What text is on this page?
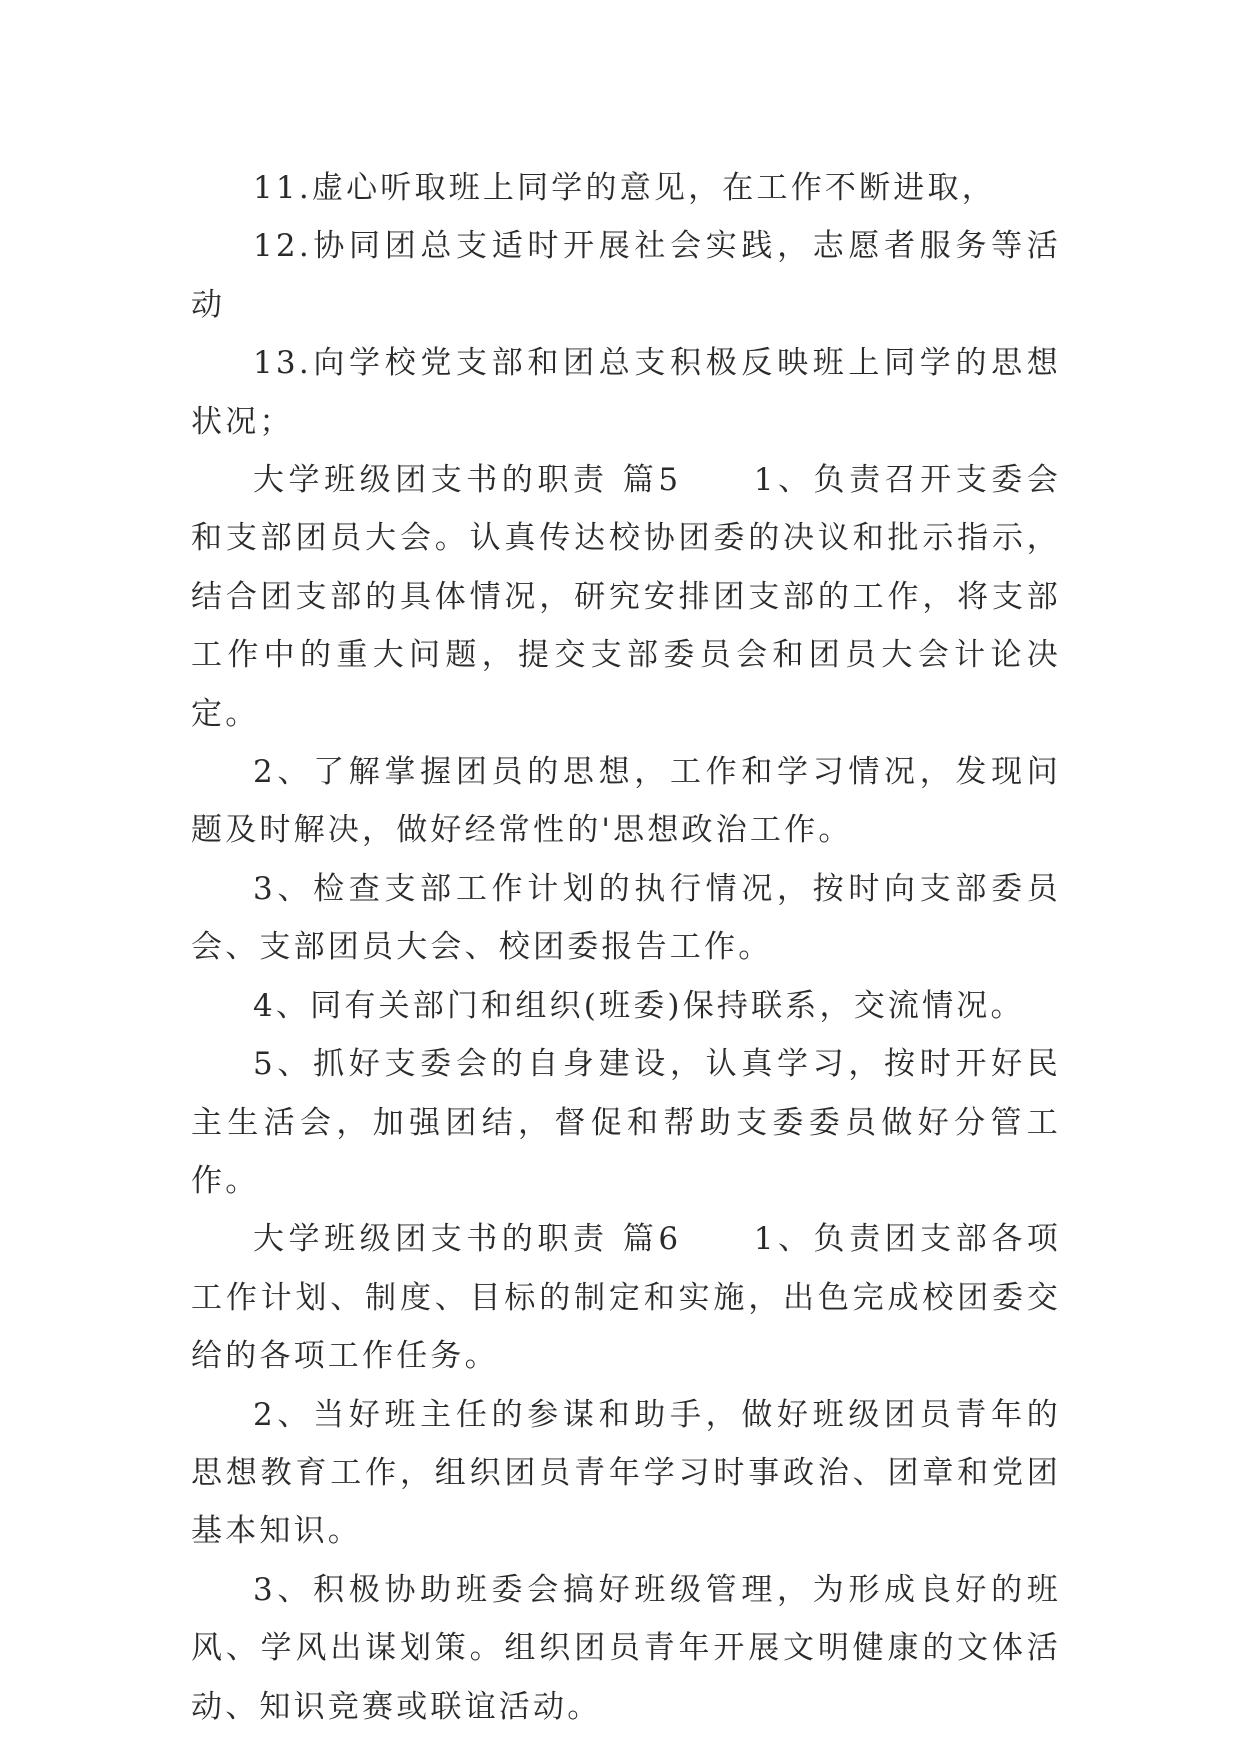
11.虚心听取班上同学的意见，在工作不断进取，

12.协同团总支适时开展社会实践，志愿者服务等活动

13.向学校党支部和团总支积极反映班上同学的思想状况；

大学班级团支书的职责 篇5　　1、负责召开支委会和支部团员大会。认真传达校协团委的决议和批示指示，结合团支部的具体情况，研究安排团支部的工作，将支部工作中的重大问题，提交支部委员会和团员大会计论决定。

2、了解掌握团员的思想，工作和学习情况，发现问题及时解决，做好经常性的'思想政治工作。

3、检查支部工作计划的执行情况，按时向支部委员会、支部团员大会、校团委报告工作。

4、同有关部门和组织(班委)保持联系，交流情况。

5、抓好支委会的自身建设，认真学习，按时开好民主生活会，加强团结，督促和帮助支委委员做好分管工作。

大学班级团支书的职责 篇6　　1、负责团支部各项工作计划、制度、目标的制定和实施，出色完成校团委交给的各项工作任务。

2、当好班主任的参谋和助手，做好班级团员青年的思想教育工作，组织团员青年学习时事政治、团章和党团基本知识。

3、积极协助班委会搞好班级管理，为形成良好的班风、学风出谋划策。组织团员青年开展文明健康的文体活动、知识竞赛或联谊活动。
